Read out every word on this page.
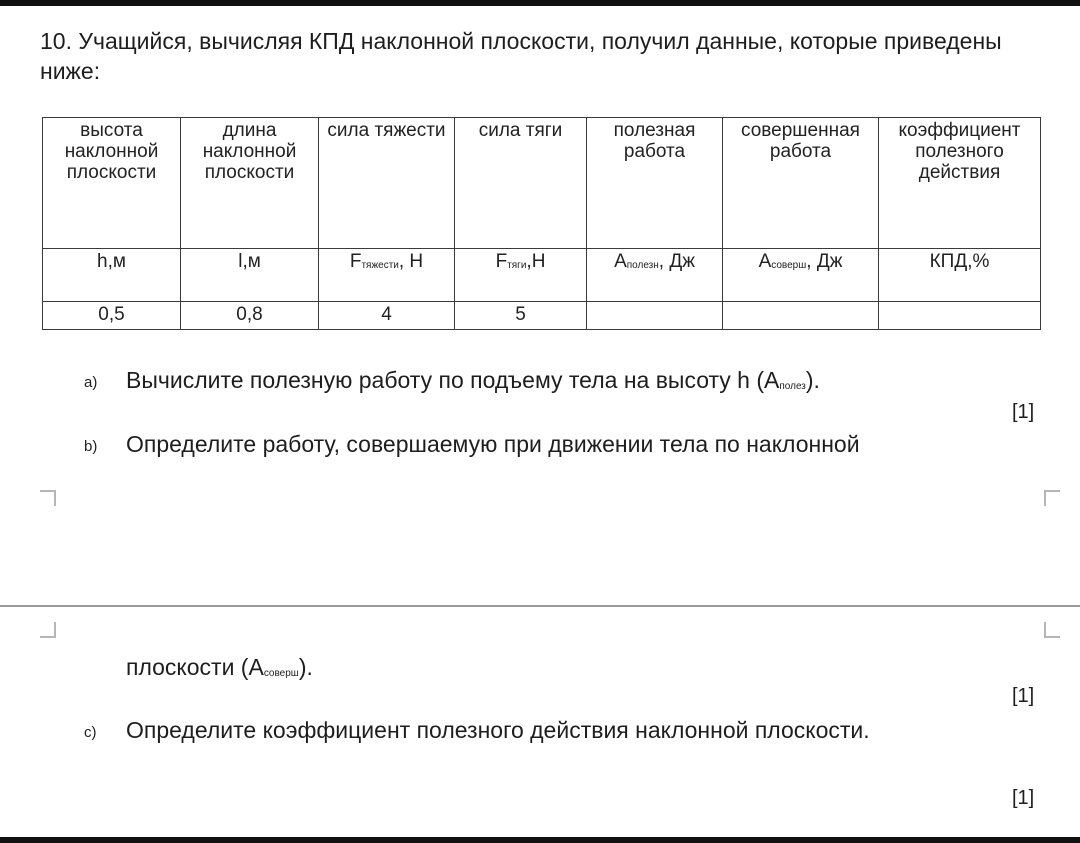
10. Учащийся, вычисляя КПД наклонной плоскости, получил данные, которые приведены ниже:
высота наклонной плоскости	длина наклонной плоскости	сила тяжести	сила тяги	полезная работа	совершенная работа	коэффициент полезного действия
h,м	l,м	$F_{тяжести}$, Н	$F_{тяги},Н$	$A_{полезн}$, Дж	$A_{соверш}$, Дж	КПД,%
0,5	0,8	4	5			
a) Вычислите полезную работу по подъему тела на высоту h $(A_{полез})$.
[1]
b) Определите работу, совершаемую при движении тела по наклонной
плоскости $(A_{соверш})$.
[1]
c) Определите коэффициент полезного действия наклонной плоскости.
[1]
